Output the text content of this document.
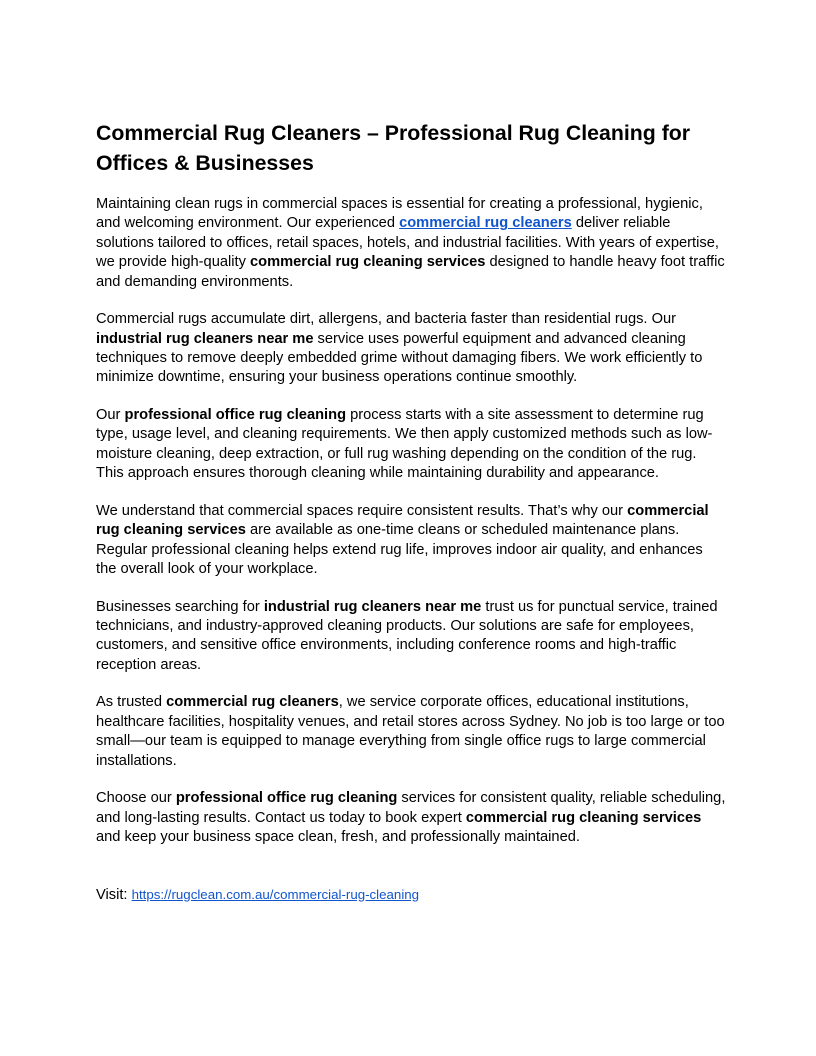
Commercial Rug Cleaners – Professional Rug Cleaning for Offices & Businesses

Maintaining clean rugs in commercial spaces is essential for creating a professional, hygienic, and welcoming environment. Our experienced commercial rug cleaners deliver reliable solutions tailored to offices, retail spaces, hotels, and industrial facilities. With years of expertise, we provide high-quality commercial rug cleaning services designed to handle heavy foot traffic and demanding environments.

Commercial rugs accumulate dirt, allergens, and bacteria faster than residential rugs. Our industrial rug cleaners near me service uses powerful equipment and advanced cleaning techniques to remove deeply embedded grime without damaging fibers. We work efficiently to minimize downtime, ensuring your business operations continue smoothly.

Our professional office rug cleaning process starts with a site assessment to determine rug type, usage level, and cleaning requirements. We then apply customized methods such as low-moisture cleaning, deep extraction, or full rug washing depending on the condition of the rug. This approach ensures thorough cleaning while maintaining durability and appearance.

We understand that commercial spaces require consistent results. That’s why our commercial rug cleaning services are available as one-time cleans or scheduled maintenance plans. Regular professional cleaning helps extend rug life, improves indoor air quality, and enhances the overall look of your workplace.

Businesses searching for industrial rug cleaners near me trust us for punctual service, trained technicians, and industry-approved cleaning products. Our solutions are safe for employees, customers, and sensitive office environments, including conference rooms and high-traffic reception areas.

As trusted commercial rug cleaners, we service corporate offices, educational institutions, healthcare facilities, hospitality venues, and retail stores across Sydney. No job is too large or too small—our team is equipped to manage everything from single office rugs to large commercial installations.

Choose our professional office rug cleaning services for consistent quality, reliable scheduling, and long-lasting results. Contact us today to book expert commercial rug cleaning services and keep your business space clean, fresh, and professionally maintained.

Visit: https://rugclean.com.au/commercial-rug-cleaning
